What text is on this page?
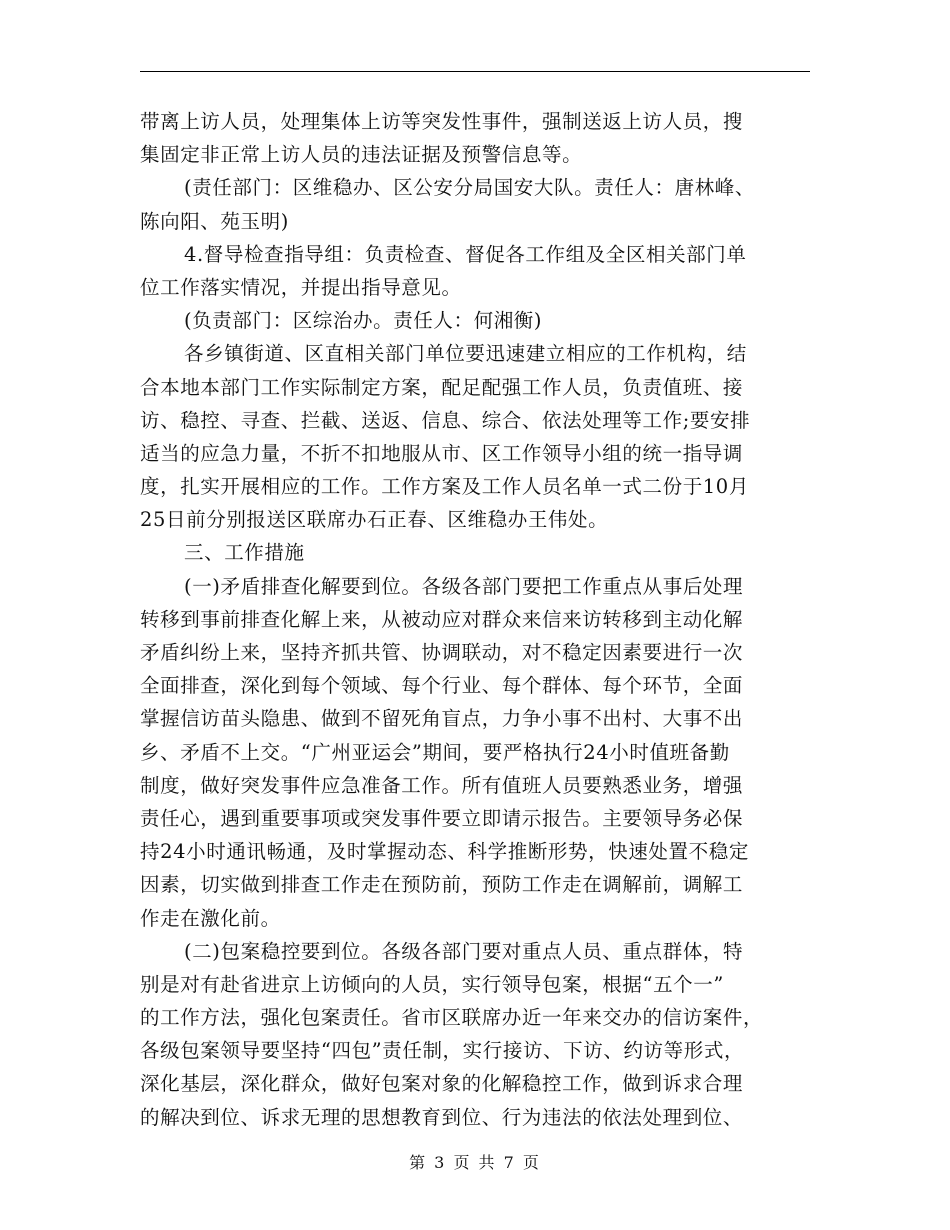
带离上访人员，处理集体上访等突发性事件，强制送返上访人员，搜
集固定非正常上访人员的违法证据及预警信息等。
(责任部门：区维稳办、区公安分局国安大队。责任人：唐林峰、
陈向阳、苑玉明)
4.督导检查指导组：负责检查、督促各工作组及全区相关部门单
位工作落实情况，并提出指导意见。
(负责部门：区综治办。责任人：何湘衡)
各乡镇街道、区直相关部门单位要迅速建立相应的工作机构，结
合本地本部门工作实际制定方案，配足配强工作人员，负责值班、接
访、稳控、寻查、拦截、送返、信息、综合、依法处理等工作;要安排
适当的应急力量，不折不扣地服从市、区工作领导小组的统一指导调
度，扎实开展相应的工作。工作方案及工作人员名单一式二份于10月
25日前分别报送区联席办石正春、区维稳办王伟处。
三、工作措施
(一)矛盾排查化解要到位。各级各部门要把工作重点从事后处理
转移到事前排查化解上来，从被动应对群众来信来访转移到主动化解
矛盾纠纷上来，坚持齐抓共管、协调联动，对不稳定因素要进行一次
全面排查，深化到每个领域、每个行业、每个群体、每个环节，全面
掌握信访苗头隐患、做到不留死角盲点，力争小事不出村、大事不出
乡、矛盾不上交。“广州亚运会”期间，要严格执行24小时值班备勤
制度，做好突发事件应急准备工作。所有值班人员要熟悉业务，增强
责任心，遇到重要事项或突发事件要立即请示报告。主要领导务必保
持24小时通讯畅通，及时掌握动态、科学推断形势，快速处置不稳定
因素，切实做到排查工作走在预防前，预防工作走在调解前，调解工
作走在激化前。
(二)包案稳控要到位。各级各部门要对重点人员、重点群体，特
别是对有赴省进京上访倾向的人员，实行领导包案，根据“五个一”
的工作方法，强化包案责任。省市区联席办近一年来交办的信访案件，
各级包案领导要坚持“四包”责任制，实行接访、下访、约访等形式，
深化基层，深化群众，做好包案对象的化解稳控工作，做到诉求合理
的解决到位、诉求无理的思想教育到位、行为违法的依法处理到位、
第 3 页 共 7 页
